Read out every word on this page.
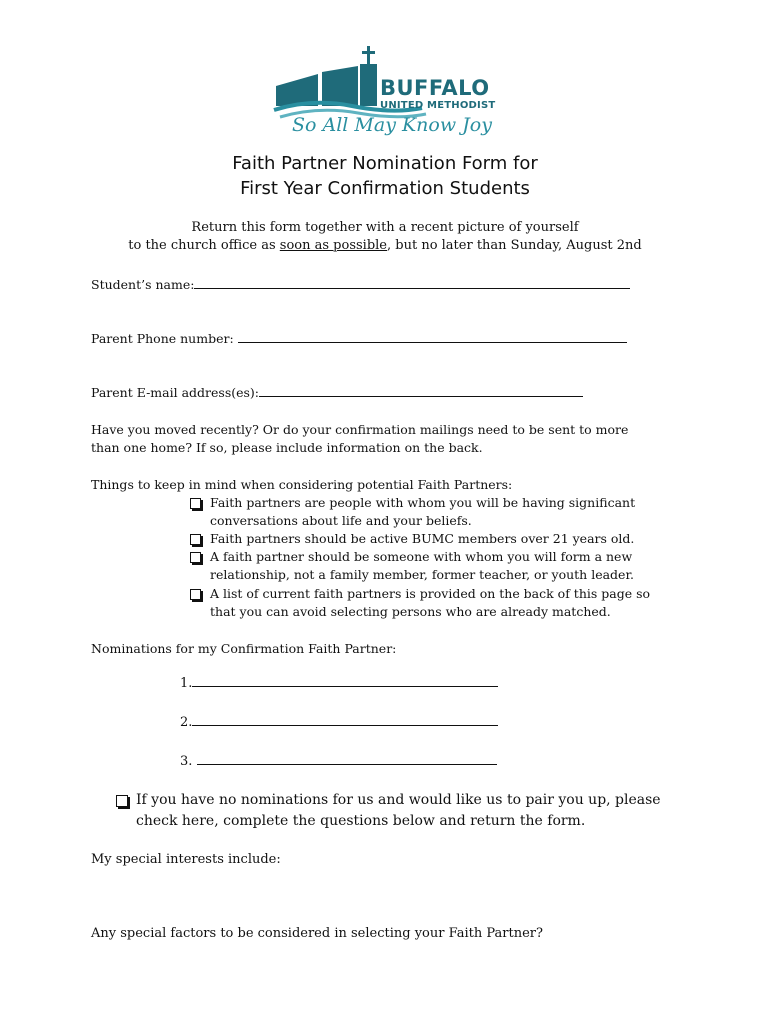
BUFFALO
UNITED METHODIST
So All May Know Joy
Faith Partner Nomination Form for
First Year Confirmation Students
Return this form together with a recent picture of yourself
to the church office as soon as possible, but no later than Sunday, August 2nd
Student’s name:
Parent Phone number:
Parent E-mail address(es):
Have you moved recently? Or do your confirmation mailings need to be sent to more
than one home? If so, please include information on the back.
Things to keep in mind when considering potential Faith Partners:
Faith partners are people with whom you will be having significant
conversations about life and your beliefs.
Faith partners should be active BUMC members over 21 years old.
A faith partner should be someone with whom you will form a new
relationship, not a family member, former teacher, or youth leader.
A list of current faith partners is provided on the back of this page so
that you can avoid selecting persons who are already matched.
Nominations for my Confirmation Faith Partner:
1.
2.
3.
If you have no nominations for us and would like us to pair you up, please
check here, complete the questions below and return the form.
My special interests include:
Any special factors to be considered in selecting your Faith Partner?
